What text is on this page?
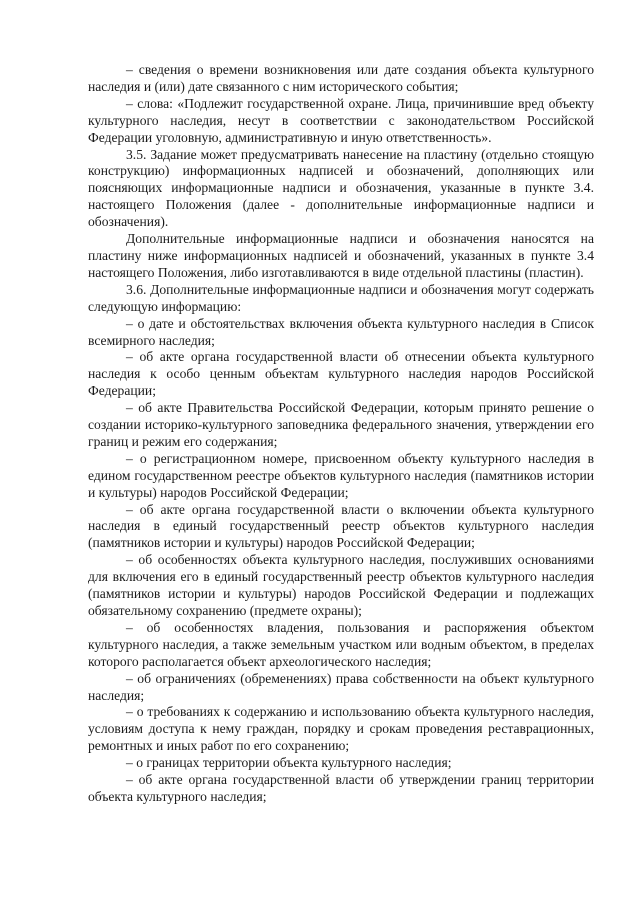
– сведения о времени возникновения или дате создания объекта культурного наследия и (или) дате связанного с ним исторического события;

– слова: «Подлежит государственной охране. Лица, причинившие вред объекту культурного наследия, несут в соответствии с законодательством Российской Федерации уголовную, административную и иную ответственность».

3.5. Задание может предусматривать нанесение на пластину (отдельно стоящую конструкцию) информационных надписей и обозначений, дополняющих или поясняющих информационные надписи и обозначения, указанные в пункте 3.4. настоящего Положения (далее - дополнительные информационные надписи и обозначения).

Дополнительные информационные надписи и обозначения наносятся на пластину ниже информационных надписей и обозначений, указанных в пункте 3.4 настоящего Положения, либо изготавливаются в виде отдельной пластины (пластин).

3.6. Дополнительные информационные надписи и обозначения могут содержать следующую информацию:

– о дате и обстоятельствах включения объекта культурного наследия в Список всемирного наследия;

– об акте органа государственной власти об отнесении объекта культурного наследия к особо ценным объектам культурного наследия народов Российской Федерации;

– об акте Правительства Российской Федерации, которым принято решение о создании историко-культурного заповедника федерального значения, утверждении его границ и режим его содержания;

– о регистрационном номере, присвоенном объекту культурного наследия в едином государственном реестре объектов культурного наследия (памятников истории и культуры) народов Российской Федерации;

– об акте органа государственной власти о включении объекта культурного наследия в единый государственный реестр объектов культурного наследия (памятников истории и культуры) народов Российской Федерации;

– об особенностях объекта культурного наследия, послуживших основаниями для включения его в единый государственный реестр объектов культурного наследия (памятников истории и культуры) народов Российской Федерации и подлежащих обязательному сохранению (предмете охраны);

– об особенностях владения, пользования и распоряжения объектом культурного наследия, а также земельным участком или водным объектом, в пределах которого располагается объект археологического наследия;

– об ограничениях (обременениях) права собственности на объект культурного наследия;

– о требованиях к содержанию и использованию объекта культурного наследия, условиям доступа к нему граждан, порядку и срокам проведения реставрационных, ремонтных и иных работ по его сохранению;

– о границах территории объекта культурного наследия;

– об акте органа государственной власти об утверждении границ территории объекта культурного наследия;
